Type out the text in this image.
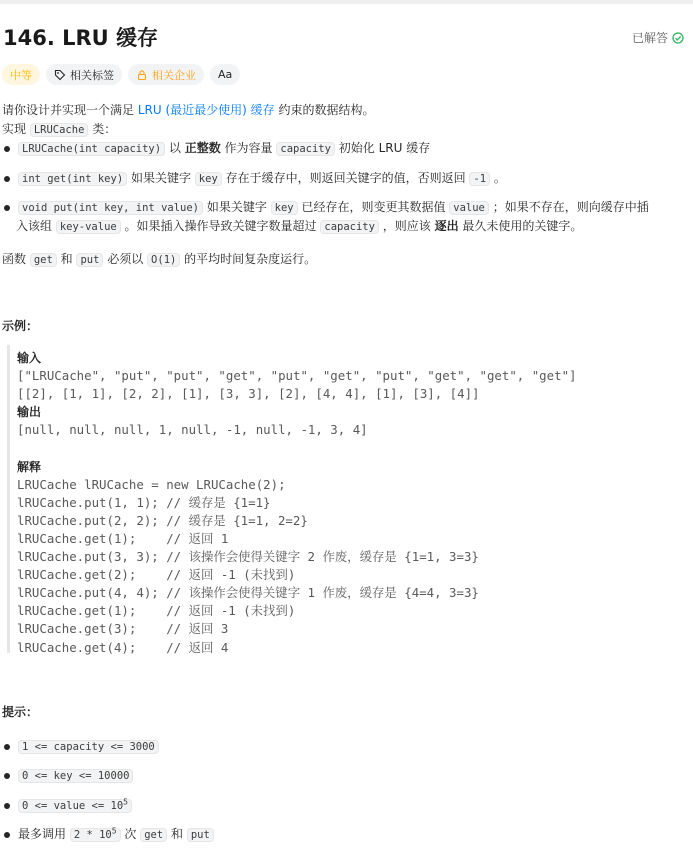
146. LRU 缓存	已解答
中等	相关标签	相关企业 Aa
请你设计并实现一个满足 LRU (最近最少使用) 缓存 约束的数据结构。
实现 LRUCache 类：
LRUCache(int capacity) 以 正整数 作为容量 capacity 初始化 LRU 缓存
int get(int key) 如果关键字 key 存在于缓存中，则返回关键字的值，否则返回 -1 。
void put(int key, int value) 如果关键字 key 已经存在，则变更其数据值 value ；如果不存在，则向缓存中插
入该组 key-value 。如果插入操作导致关键字数量超过 capacity ，则应该 逐出 最久未使用的关键字。
函数 get 和 put 必须以 O(1) 的平均时间复杂度运行。
示例：
输入
["LRUCache", "put", "put", "get", "put", "get", "put", "get", "get", "get"]
[[2], [1, 1], [2, 2], [1], [3, 3], [2], [4, 4], [1], [3], [4]]
输出
[null, null, null, 1, null, -1, null, -1, 3, 4]

解释
LRUCache lRUCache = new LRUCache(2);
lRUCache.put(1, 1); // 缓存是 {1=1}
lRUCache.put(2, 2); // 缓存是 {1=1, 2=2}
lRUCache.get(1);    // 返回 1
lRUCache.put(3, 3); // 该操作会使得关键字 2 作废，缓存是 {1=1, 3=3}
lRUCache.get(2);    // 返回 -1 (未找到)
lRUCache.put(4, 4); // 该操作会使得关键字 1 作废，缓存是 {4=4, 3=3}
lRUCache.get(1);    // 返回 -1 (未找到)
lRUCache.get(3);    // 返回 3
lRUCache.get(4);    // 返回 4
提示：
1 <= capacity <= 3000
0 <= key <= 10000
0 <= value <= $10^5$
最多调用 $2 * 10^5$ 次 get 和 put
